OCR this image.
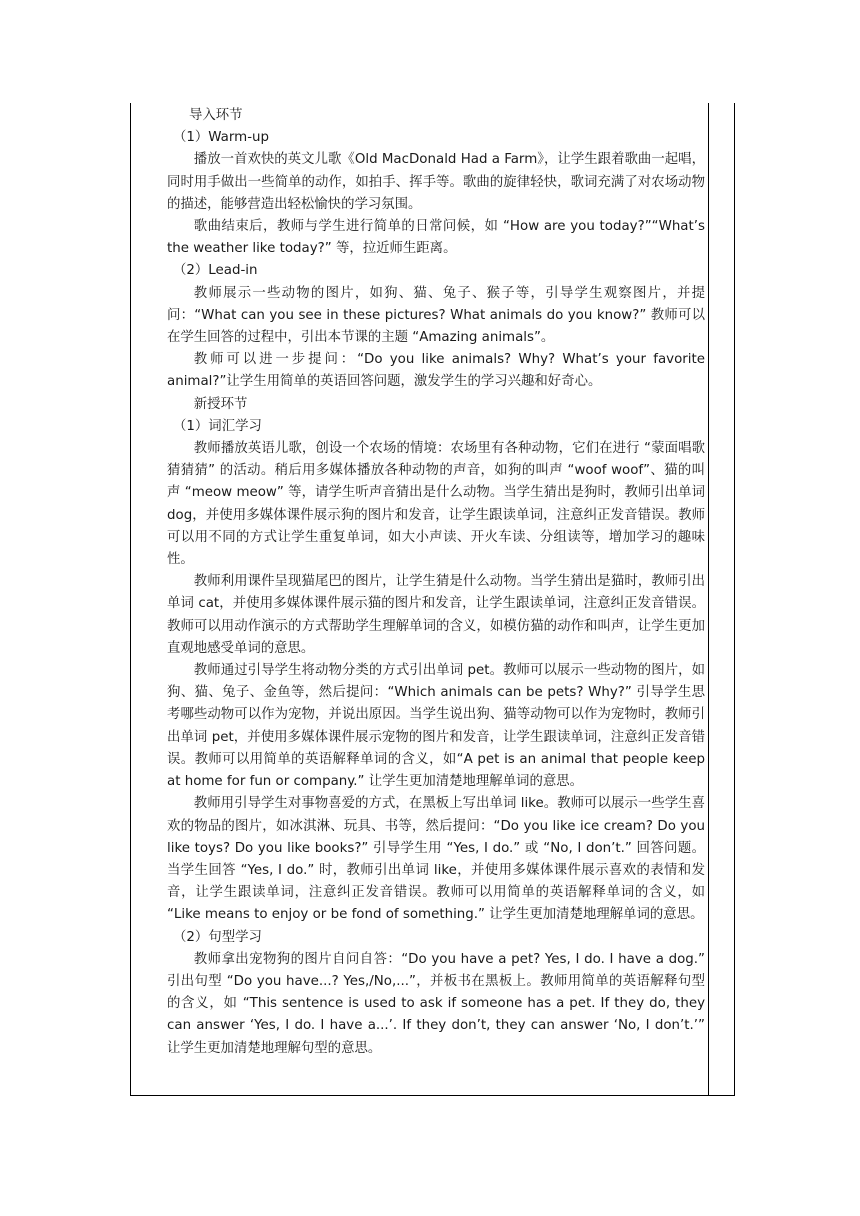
导入环节

（1）Warm-up

播放一首欢快的英文儿歌《Old MacDonald Had a Farm》，让学生跟着歌曲一起唱，同时用手做出一些简单的动作，如拍手、挥手等。歌曲的旋律轻快，歌词充满了对农场动物的描述，能够营造出轻松愉快的学习氛围。

歌曲结束后，教师与学生进行简单的日常问候，如 “How are you today?”“What’s the weather like today?” 等，拉近师生距离。

（2）Lead-in

教师展示一些动物的图片，如狗、猫、兔子、猴子等，引导学生观察图片，并提问：“What can you see in these pictures? What animals do you know?” 教师可以在学生回答的过程中，引出本节课的主题 “Amazing animals”。

教师可以进一步提问：“Do you like animals? Why? What’s your favorite animal?”让学生用简单的英语回答问题，激发学生的学习兴趣和好奇心。

新授环节

（1）词汇学习

教师播放英语儿歌，创设一个农场的情境：农场里有各种动物，它们在进行 “蒙面唱歌猜猜猜” 的活动。稍后用多媒体播放各种动物的声音，如狗的叫声 “woof woof”、猫的叫声 “meow meow” 等，请学生听声音猜出是什么动物。当学生猜出是狗时，教师引出单词 dog，并使用多媒体课件展示狗的图片和发音，让学生跟读单词，注意纠正发音错误。教师可以用不同的方式让学生重复单词，如大小声读、开火车读、分组读等，增加学习的趣味性。

教师利用课件呈现猫尾巴的图片，让学生猜是什么动物。当学生猜出是猫时，教师引出单词 cat，并使用多媒体课件展示猫的图片和发音，让学生跟读单词，注意纠正发音错误。教师可以用动作演示的方式帮助学生理解单词的含义，如模仿猫的动作和叫声，让学生更加直观地感受单词的意思。

教师通过引导学生将动物分类的方式引出单词 pet。教师可以展示一些动物的图片，如狗、猫、兔子、金鱼等，然后提问：“Which animals can be pets? Why?” 引导学生思考哪些动物可以作为宠物，并说出原因。当学生说出狗、猫等动物可以作为宠物时，教师引出单词 pet，并使用多媒体课件展示宠物的图片和发音，让学生跟读单词，注意纠正发音错误。教师可以用简单的英语解释单词的含义，如“A pet is an animal that people keep at home for fun or company.” 让学生更加清楚地理解单词的意思。

教师用引导学生对事物喜爱的方式，在黑板上写出单词 like。教师可以展示一些学生喜欢的物品的图片，如冰淇淋、玩具、书等，然后提问：“Do you like ice cream? Do you like toys? Do you like books?” 引导学生用 “Yes, I do.” 或 “No, I don’t.” 回答问题。当学生回答 “Yes, I do.” 时，教师引出单词 like，并使用多媒体课件展示喜欢的表情和发音，让学生跟读单词，注意纠正发音错误。教师可以用简单的英语解释单词的含义，如 “Like means to enjoy or be fond of something.” 让学生更加清楚地理解单词的意思。

（2）句型学习

教师拿出宠物狗的图片自问自答：“Do you have a pet? Yes, I do. I have a dog.” 引出句型 “Do you have...? Yes,/No,...”，并板书在黑板上。教师用简单的英语解释句型的含义，如 “This sentence is used to ask if someone has a pet. If they do, they can answer ‘Yes, I do. I have a...’. If they don’t, they can answer ‘No, I don’t.’” 让学生更加清楚地理解句型的意思。
